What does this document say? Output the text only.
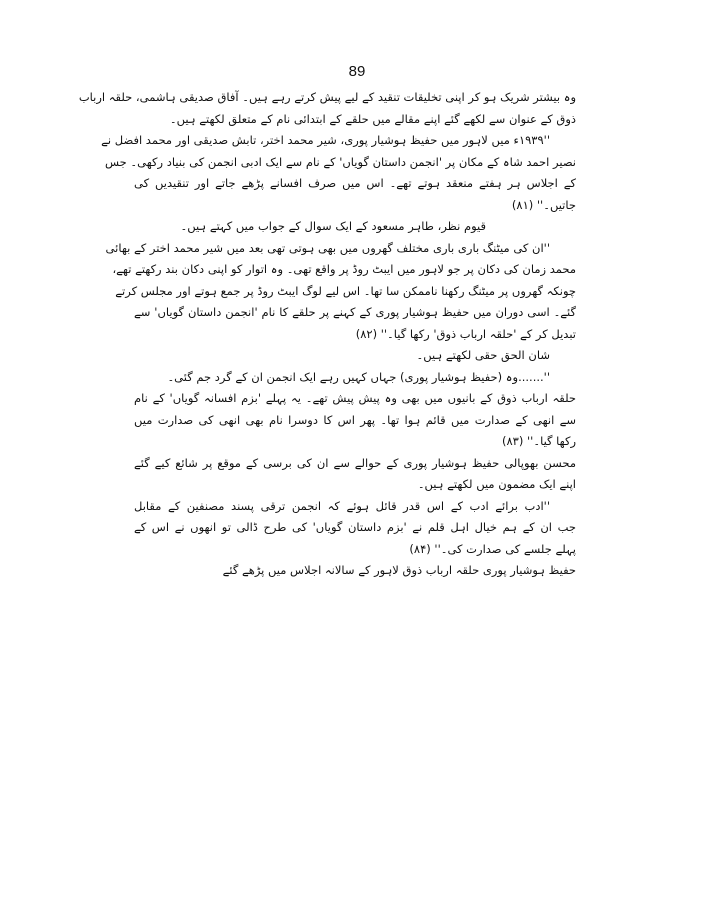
89
وہ بیشتر شریک ہو کر اپنی تخلیقات تنقید کے لیے پیش کرتے رہے ہیں۔ آفاق صدیقی ہاشمی، حلقہ ارباب
ذوق کے عنوان سے لکھے گئے اپنے مقالے میں حلقے کے ابتدائی نام کے متعلق لکھتے ہیں۔
''۱۹۳۹ء میں لاہور میں حفیظ ہوشیار پوری، شیر محمد اختر، تابش صدیقی اور محمد افضل نے
نصیر احمد شاہ کے مکان پر 'انجمن داستان گویاں' کے نام سے ایک ادبی انجمن کی بنیاد رکھی۔ جس
کے اجلاس ہر ہفتے منعقد ہوتے تھے۔ اس میں صرف افسانے پڑھے جاتے اور تنقیدیں کی
جاتیں۔'' (۸۱)
قیوم نظر، طاہر مسعود کے ایک سوال کے جواب میں کہتے ہیں۔
''ان کی میٹنگ باری باری مختلف گھروں میں بھی ہوتی تھی بعد میں شیر محمد اختر کے بھائی
محمد زمان کی دکان پر جو لاہور میں ایبٹ روڈ پر واقع تھی۔ وہ اتوار کو اپنی دکان بند رکھتے تھے،
چونکہ گھروں پر میٹنگ رکھنا ناممکن سا تھا۔ اس لیے لوگ ایبٹ روڈ پر جمع ہوتے اور مجلس کرتے
گئے۔ اسی دوران میں حفیظ ہوشیار پوری کے کہنے پر حلقے کا نام 'انجمن داستان گویاں' سے
تبدیل کر کے 'حلقہ ارباب ذوق' رکھا گیا۔'' (۸۲)
شان الحق حقی لکھتے ہیں۔
''.......وہ (حفیظ ہوشیار پوری) جہاں کہیں رہے ایک انجمن ان کے گرد جم گئی۔
حلقہ ارباب ذوق کے بانیوں میں بھی وہ پیش پیش تھے۔ یہ پہلے 'بزم افسانہ گویاں' کے نام
سے انھی کے صدارت میں قائم ہوا تھا۔ پھر اس کا دوسرا نام بھی انھی کی صدارت میں
رکھا گیا۔'' (۸۳)
محسن بھوپالی حفیظ ہوشیار پوری کے حوالے سے ان کی برسی کے موقع پر شائع کیے گئے
اپنے ایک مضمون میں لکھتے ہیں۔
''ادب برائے ادب کے اس قدر قائل ہوئے کہ انجمن ترقی پسند مصنفین کے مقابل
جب ان کے ہم خیال اہل قلم نے 'بزم داستان گویاں' کی طرح ڈالی تو انھوں نے اس کے
پہلے جلسے کی صدارت کی۔'' (۸۴)
حفیظ ہوشیار پوری حلقہ ارباب ذوق لاہور کے سالانہ اجلاس میں پڑھے گئے
